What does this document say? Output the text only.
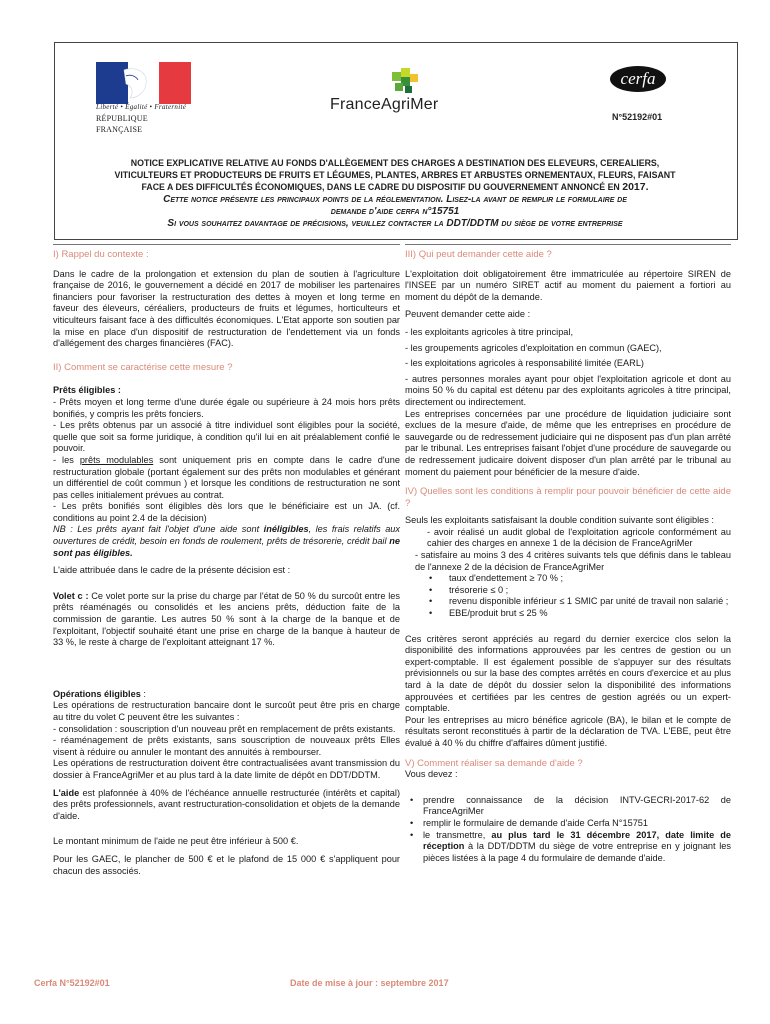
Liberté • Égalité • Fraternité
RÉPUBLIQUE FRANÇAISE
FranceAgriMer
cerfa
N°52192#01
NOTICE EXPLICATIVE RELATIVE AU FONDS D'ALLÈGEMENT DES CHARGES A DESTINATION DES ELEVEURS, CEREALIERS,
VITICULTEURS ET PRODUCTEURS DE FRUITS ET LÉGUMES, PLANTES, ARBRES ET ARBUSTES ORNEMENTAUX, FLEURS, FAISANT
FACE A DES DIFFICULTÉS ÉCONOMIQUES, DANS LE CADRE DU DISPOSITIF DU GOUVERNEMENT ANNONCÉ EN 2017.
Cette notice présente les principaux points de la réglementation. Lisez-la avant de remplir le formulaire de
demande d'aide cerfa n°15751
Si vous souhaitez davantage de précisions, veuillez contacter la DDT/DDTM du siège de votre entreprise
I) Rappel du contexte :

Dans le cadre de la prolongation et extension du plan de soutien à l'agriculture française de 2016, le gouvernement a décidé en 2017 de mobiliser les partenaires financiers pour favoriser la restructuration des dettes à moyen et long terme en faveur des éleveurs, céréaliers, producteurs de fruits et légumes, horticulteurs et viticulteurs faisant face à des difficultés économiques. L'Etat apporte son soutien par la mise en place d'un dispositif de restructuration de l'endettement via un fonds d'allégement des charges financières (FAC).

II) Comment se caractérise cette mesure ?

Prêts éligibles :

- Prêts moyen et long terme d'une durée égale ou supérieure à 24 mois hors prêts bonifiés, y compris les prêts fonciers.

- Les prêts obtenus par un associé à titre individuel sont éligibles pour la société, quelle que soit sa forme juridique, à condition qu'il lui en ait préalablement confié le pouvoir.

- les prêts modulables sont uniquement pris en compte dans le cadre d'une restructuration globale (portant également sur des prêts non modulables et générant un différentiel de coût commun ) et lorsque les conditions de restructuration ne sont pas celles initialement prévues au contrat.

- Les prêts bonifiés sont éligibles dès lors que le bénéficiaire est un JA. (cf. conditions au point 2.4 de la décision)

NB : Les prêts ayant fait l'objet d'une aide sont inéligibles, les frais relatifs aux ouvertures de crédit, besoin en fonds de roulement, prêts de trésorerie, crédit bail ne sont pas éligibles.

L'aide attribuée dans le cadre de la présente décision est :

Volet c : Ce volet porte sur la prise du charge par l'état de 50 % du surcoût entre les prêts réaménagés ou consolidés et les anciens prêts, déduction faite de la commission de garantie. Les autres 50 % sont à la charge de la banque et de l'exploitant, l'objectif souhaité étant une prise en charge de la banque à hauteur de 33 %, le reste à charge de l'exploitant atteignant 17 %.

Opérations éligibles :

Les opérations de restructuration bancaire dont le surcoût peut être pris en charge au titre du volet C peuvent être les suivantes :

- consolidation : souscription d'un nouveau prêt en remplacement de prêts existants.

- réaménagement de prêts existants, sans souscription de nouveaux prêts Elles visent à réduire ou annuler le montant des annuités à rembourser.

Les opérations de restructuration doivent être contractualisées avant transmission du dossier à FranceAgriMer et au plus tard à la date limite de dépôt en DDT/DDTM.

L'aide est plafonnée à 40% de l'échéance annuelle restructurée (intérêts et capital) des prêts professionnels, avant restructuration-consolidation et objets de la demande d'aide.

Le montant minimum de l'aide ne peut être inférieur à 500 €.

Pour les GAEC, le plancher de 500 € et le plafond de 15 000 € s'appliquent pour chacun des associés.

III) Qui peut demander cette aide ?

L'exploitation doit obligatoirement être immatriculée au répertoire SIREN de l'INSEE par un numéro SIRET actif au moment du paiement a fortiori au moment du dépôt de la demande.

Peuvent demander cette aide :

- les exploitants agricoles à titre principal,

- les groupements agricoles d'exploitation en commun (GAEC),

- les exploitations agricoles à responsabilité limitée (EARL)

- autres personnes morales ayant pour objet l'exploitation agricole et dont au moins 50 % du capital est détenu par des exploitants agricoles à titre principal, directement ou indirectement.

Les entreprises concernées par une procédure de liquidation judiciaire sont exclues de la mesure d'aide, de même que les entreprises en procédure de sauvegarde ou de redressement judiciaire qui ne disposent pas d'un plan arrêté par le tribunal. Les entreprises faisant l'objet d'une procédure de sauvegarde ou de redressement judicaire doivent disposer d'un plan arrêté par le tribunal au moment du paiement pour bénéficier de la mesure d'aide.

IV) Quelles sont les conditions à remplir pour pouvoir bénéficier de cette aide ?

Seuls les exploitants satisfaisant la double condition suivante sont éligibles :

- avoir réalisé un audit global de l'exploitation agricole conformément au cahier des charges en annexe 1 de la décision de FranceAgriMer

- satisfaire au moins 3 des 4 critères suivants tels que définis dans le tableau de l'annexe 2 de la décision de FranceAgriMer

• taux d'endettement ≥ 70 % ;
• trésorerie ≤ 0 ;
• revenu disponible inférieur ≤ 1 SMIC par unité de travail non salarié ;
• EBE/produit brut ≤ 25 %

Ces critères seront appréciés au regard du dernier exercice clos selon la disponibilité des informations approuvées par les centres de gestion ou un expert-comptable. Il est également possible de s'appuyer sur des résultats prévisionnels ou sur la base des comptes arrêtés en cours d'exercice et au plus tard à la date de dépôt du dossier selon la disponibilité des informations approuvées et certifiées par les centres de gestion agréés ou un expert-comptable.

Pour les entreprises au micro bénéfice agricole (BA), le bilan et le compte de résultats seront reconstitués à partir de la déclaration de TVA. L'EBE, peut être évalué à 40 % du chiffre d'affaires dûment justifié.

V) Comment réaliser sa demande d'aide ?

Vous devez :

• prendre connaissance de la décision INTV-GECRI-2017-62 de FranceAgriMer
• remplir le formulaire de demande d'aide Cerfa N°15751
• le transmettre, au plus tard le 31 décembre 2017, date limite de réception à la DDT/DDTM du siège de votre entreprise en y joignant les pièces listées à la page 4 du formulaire de demande d'aide.
Cerfa N°52192#01	Date de mise à jour : septembre 2017
